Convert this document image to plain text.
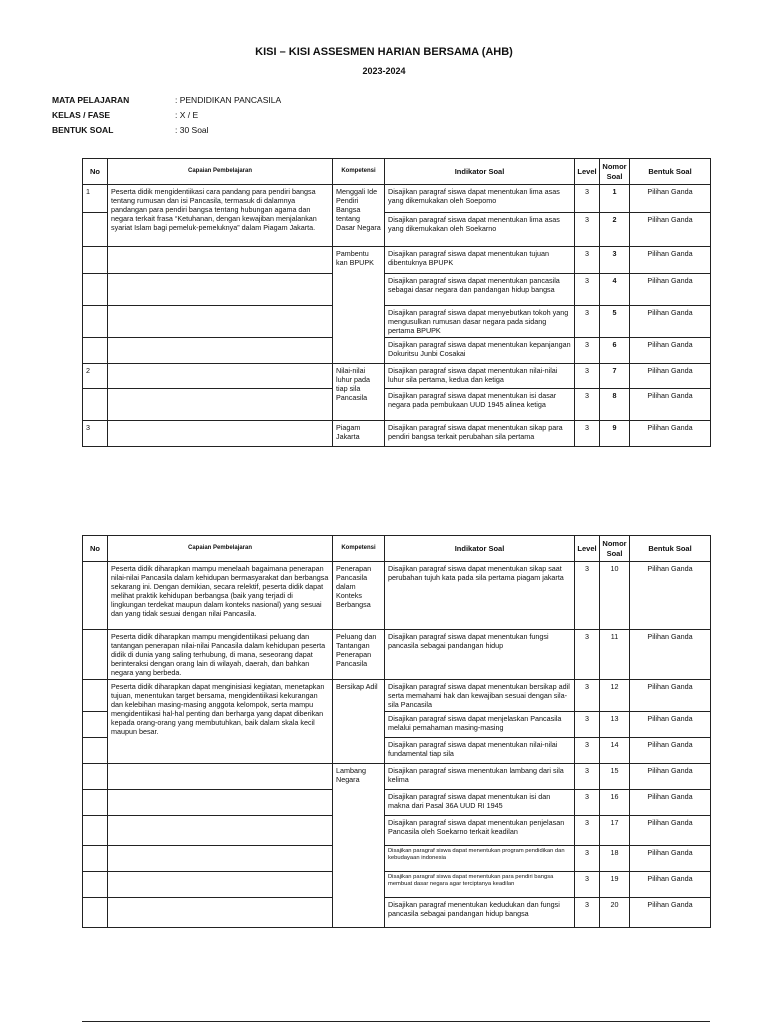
KISI – KISI ASSESMEN HARIAN BERSAMA (AHB)
2023-2024
MATA PELAJARAN	: PENDIDIKAN PANCASILA
KELAS / FASE	: X / E
BENTUK SOAL	: 30 Soal
No	Capaian Pembelajaran	Kompetensi	Indikator Soal	Level	Nomor Soal	Bentuk Soal
1	Peserta didik mengidentiikasi cara pandang para pendiri bangsa tentang rumusan dan isi Pancasila, termasuk di dalamnya pandangan para pendiri bangsa tentang hubungan agama dan negara terkait frasa “Ketuhanan, dengan kewajiban menjalankan syariat Islam bagi pemeluk-pemeluknya” dalam Piagam Jakarta.	Menggali Ide Pendiri Bangsa tentang Dasar Negara	Disajikan paragraf siswa dapat menentukan lima asas yang dikemukakan oleh Soepomo	3	1	Pilihan Ganda
			Disajikan paragraf siswa dapat menentukan lima asas yang dikemukakan oleh Soekarno	3	2	Pilihan Ganda
		Pambentu kan BPUPK	Disajikan paragraf siswa dapat menentukan tujuan dibentuknya BPUPK	3	3	Pilihan Ganda
			Disajikan paragraf siswa dapat menentukan pancasila sebagai dasar negara dan pandangan hidup bangsa	3	4	Pilihan Ganda
			Disajikan paragraf siswa dapat menyebutkan tokoh yang mengusulkan rumusan dasar negara pada sidang pertama BPUPK	3	5	Pilihan Ganda
			Disajikan paragraf siswa dapat menentukan kepanjangan Dokuritsu Junbi Cosakai	3	6	Pilihan Ganda
2		Nilai-nilai luhur pada tiap sila Pancasila	Disajikan paragraf siswa dapat menentukan nilai-nilai luhur sila pertama, kedua dan ketiga	3	7	Pilihan Ganda
			Disajikan paragraf siswa dapat menentukan isi dasar negara pada pembukaan UUD 1945 alinea ketiga	3	8	Pilihan Ganda
3		Piagam Jakarta	Disajikan paragraf siswa dapat menentukan sikap para pendiri bangsa terkait perubahan sila pertama	3	9	Pilihan Ganda
No	Capaian Pembelajaran	Kompetensi	Indikator Soal	Level	Nomor Soal	Bentuk Soal
	Peserta didik diharapkan mampu menelaah bagaimana penerapan nilai-nilai Pancasila dalam kehidupan bermasyarakat dan berbangsa sekarang ini. Dengan demikian, secara relektif, peserta didik dapat melihat praktik kehidupan berbangsa (baik yang terjadi di lingkungan terdekat maupun dalam konteks nasional) yang sesuai dan yang tidak sesuai dengan nilai Pancasila.	Penerapan Pancasila dalam Konteks Berbangsa	Disajikan paragraf siswa dapat menentukan sikap saat perubahan tujuh kata pada sila pertama piagam jakarta	3	10	Pilihan Ganda
	Peserta didik diharapkan mampu mengidentiikasi peluang dan tantangan penerapan nilai-nilai Pancasila dalam kehidupan peserta didik di dunia yang saling terhubung, di mana, seseorang dapat berinteraksi dengan orang lain di wilayah, daerah, dan bahkan negara yang berbeda.	Peluang dan Tantangan Penerapan Pancasila	Disajikan paragraf siswa dapat menentukan fungsi pancasila sebagai pandangan hidup	3	11	Pilihan Ganda
	Peserta didik diharapkan dapat menginisiasi kegiatan, menetapkan tujuan, menentukan target bersama, mengidentiikasi kekurangan dan kelebihan masing-masing anggota kelompok, serta mampu mengidentiikasi hal-hal penting dan berharga yang dapat diberikan kepada orang-orang yang membutuhkan, baik dalam skala kecil maupun besar.	Bersikap Adil	Disajikan paragraf siswa dapat menentukan bersikap adil serta memahami hak dan kewajiban sesuai dengan sila-sila Pancasila	3	12	Pilihan Ganda
			Disajikan paragraf siswa dapat menjelaskan Pancasila melalui pemahaman masing-masing	3	13	Pilihan Ganda
			Disajikan paragraf siswa dapat menentukan nilai-nilai fundamental tiap sila	3	14	Pilihan Ganda
		Lambang Negara	Disajikan paragraf siswa menentukan lambang dari sila kelima	3	15	Pilihan Ganda
			Disajikan paragraf siswa dapat menentukan isi dan makna dari Pasal 36A UUD RI 1945	3	16	Pilihan Ganda
			Disajikan paragraf siswa dapat menentukan penjelasan Pancasila oleh Soekarno terkait keadilan	3	17	Pilihan Ganda
			Disajikan paragraf siswa dapat menentukan program pendidikan dan kebudayaan indonesia	3	18	Pilihan Ganda
			Disajikan paragraf siswa dapat menentukan para pendiri bangsa membuat dasar negara agar terciptanya keadilan	3	19	Pilihan Ganda
			Disajikan paragraf menentukan kedudukan dan fungsi pancasila sebagai pandangan hidup bangsa	3	20	Pilihan Ganda
